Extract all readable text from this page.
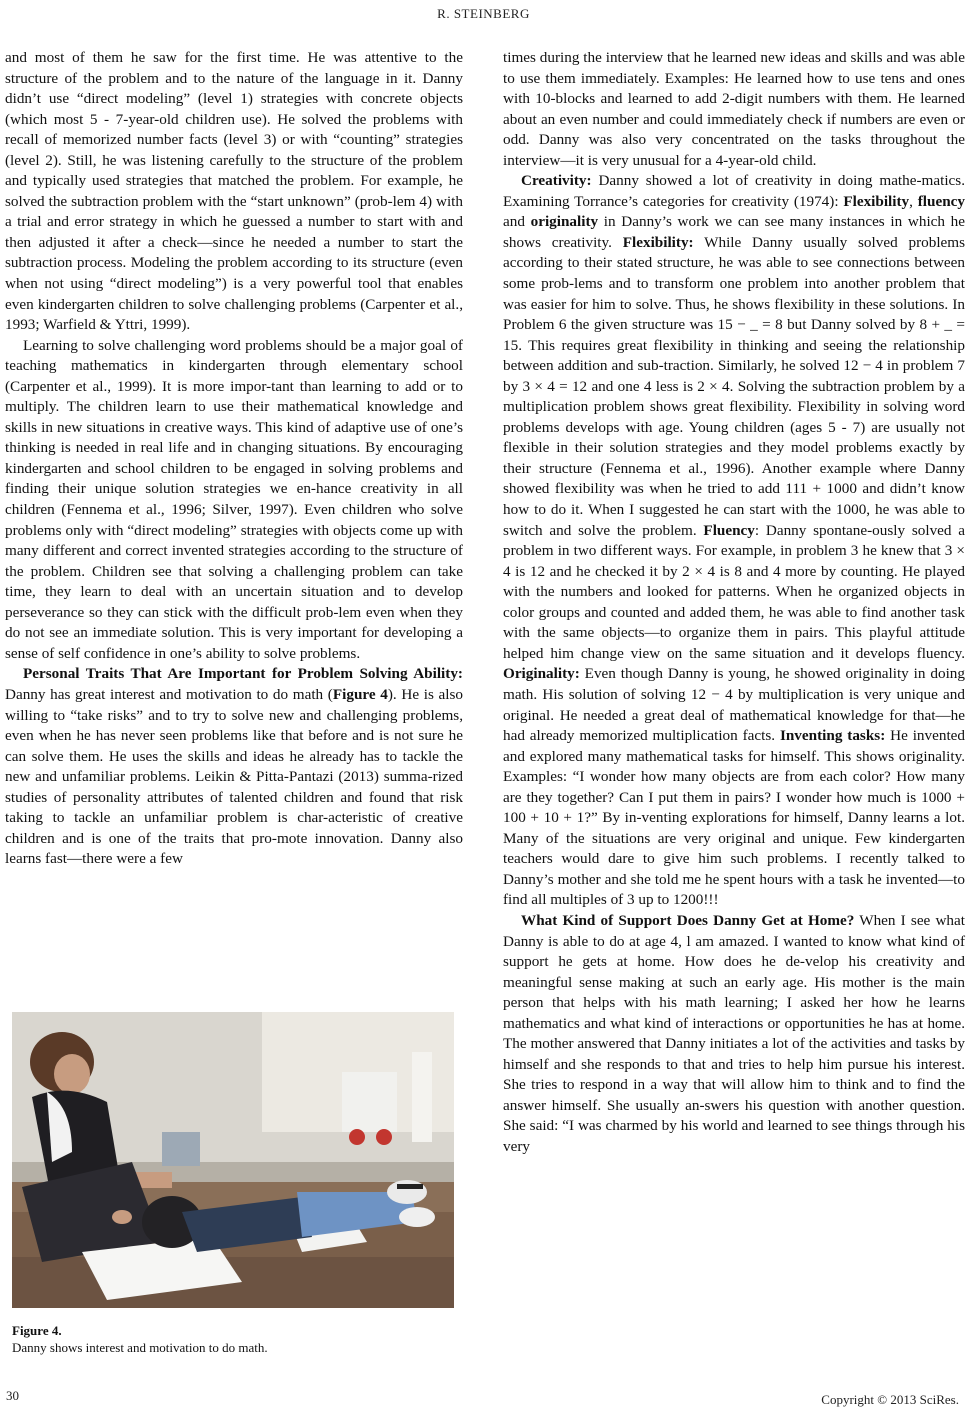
R. STEINBERG

and most of them he saw for the first time. He was attentive to the structure of the problem and to the nature of the language in it. Danny didn’t use “direct modeling” (level 1) strategies with concrete objects (which most 5 - 7-year-old children use). He solved the problems with recall of memorized number facts (level 3) or with “counting” strategies (level 2). Still, he was listening carefully to the structure of the problem and typically used strategies that matched the problem. For example, he solved the subtraction problem with the “start unknown” (prob-lem 4) with a trial and error strategy in which he guessed a number to start with and then adjusted it after a check—since he needed a number to start the subtraction process. Modeling the problem according to its structure (even when not using “direct modeling”) is a very powerful tool that enables even kindergarten children to solve challenging problems (Carpenter et al., 1993; Warfield & Yttri, 1999).

Learning to solve challenging word problems should be a major goal of teaching mathematics in kindergarten through elementary school (Carpenter et al., 1999). It is more impor-tant than learning to add or to multiply. The children learn to use their mathematical knowledge and skills in new situations in creative ways. This kind of adaptive use of one’s thinking is needed in real life and in changing situations. By encouraging kindergarten and school children to be engaged in solving problems and finding their unique solution strategies we en-hance creativity in all children (Fennema et al., 1996; Silver, 1997). Even children who solve problems only with “direct modeling” strategies with objects come up with many different and correct invented strategies according to the structure of the problem. Children see that solving a challenging problem can take time, they learn to deal with an uncertain situation and to develop perseverance so they can stick with the difficult prob-lem even when they do not see an immediate solution. This is very important for developing a sense of self confidence in one’s ability to solve problems.

Personal Traits That Are Important for Problem Solving Ability: Danny has great interest and motivation to do math (Figure 4). He is also willing to “take risks” and to try to solve new and challenging problems, even when he has never seen problems like that before and is not sure he can solve them. He uses the skills and ideas he already has to tackle the new and unfamiliar problems. Leikin & Pitta-Pantazi (2013) summa-rized studies of personality attributes of talented children and found that risk taking to tackle an unfamiliar problem is char-acteristic of creative children and is one of the traits that pro-mote innovation. Danny also learns fast—there were a few

Figure 4.
Danny shows interest and motivation to do math.

times during the interview that he learned new ideas and skills and was able to use them immediately. Examples: He learned how to use tens and ones with 10-blocks and learned to add 2-digit numbers with them. He learned about an even number and could immediately check if numbers are even or odd. Danny was also very concentrated on the tasks throughout the interview—it is very unusual for a 4-year-old child.

Creativity: Danny showed a lot of creativity in doing mathe-matics. Examining Torrance’s categories for creativity (1974): Flexibility, fluency and originality in Danny’s work we can see many instances in which he shows creativity. Flexibility: While Danny usually solved problems according to their stated structure, he was able to see connections between some prob-lems and to transform one problem into another problem that was easier for him to solve. Thus, he shows flexibility in these solutions. In Problem 6 the given structure was 15 − _ = 8 but Danny solved by 8 + _ = 15. This requires great flexibility in thinking and seeing the relationship between addition and sub-traction. Similarly, he solved 12 − 4 in problem 7 by 3 × 4 = 12 and one 4 less is 2 × 4. Solving the subtraction problem by a multiplication problem shows great flexibility. Flexibility in solving word problems develops with age. Young children (ages 5 - 7) are usually not flexible in their solution strategies and they model problems exactly by their structure (Fennema et al., 1996). Another example where Danny showed flexibility was when he tried to add 111 + 1000 and didn’t know how to do it. When I suggested he can start with the 1000, he was able to switch and solve the problem. Fluency: Danny spontane-ously solved a problem in two different ways. For example, in problem 3 he knew that 3 × 4 is 12 and he checked it by 2 × 4 is 8 and 4 more by counting. He played with the numbers and looked for patterns. When he organized objects in color groups and counted and added them, he was able to find another task with the same objects—to organize them in pairs. This playful attitude helped him change view on the same situation and it develops fluency. Originality: Even though Danny is young, he showed originality in doing math. His solution of solving 12 − 4 by multiplication is very unique and original. He needed a great deal of mathematical knowledge for that—he had already memorized multiplication facts. Inventing tasks: He invented and explored many mathematical tasks for himself. This shows originality. Examples: “I wonder how many objects are from each color? How many are they together? Can I put them in pairs? I wonder how much is 1000 + 100 + 10 + 1?” By in-venting explorations for himself, Danny learns a lot. Many of the situations are very original and unique. Few kindergarten teachers would dare to give him such problems. I recently talked to Danny’s mother and she told me he spent hours with a task he invented—to find all multiples of 3 up to 1200!!!

What Kind of Support Does Danny Get at Home? When I see what Danny is able to do at age 4, l am amazed. I wanted to know what kind of support he gets at home. How does he de-velop his creativity and meaningful sense making at such an early age. His mother is the main person that helps with his math learning; I asked her how he learns mathematics and what kind of interactions or opportunities he has at home. The mother answered that Danny initiates a lot of the activities and tasks by himself and she responds to that and tries to help him pursue his interest. She tries to respond in a way that will allow him to think and to find the answer himself. She usually an-swers his question with another question. She said: “I was charmed by his world and learned to see things through his very

30	Copyright © 2013 SciRes.
